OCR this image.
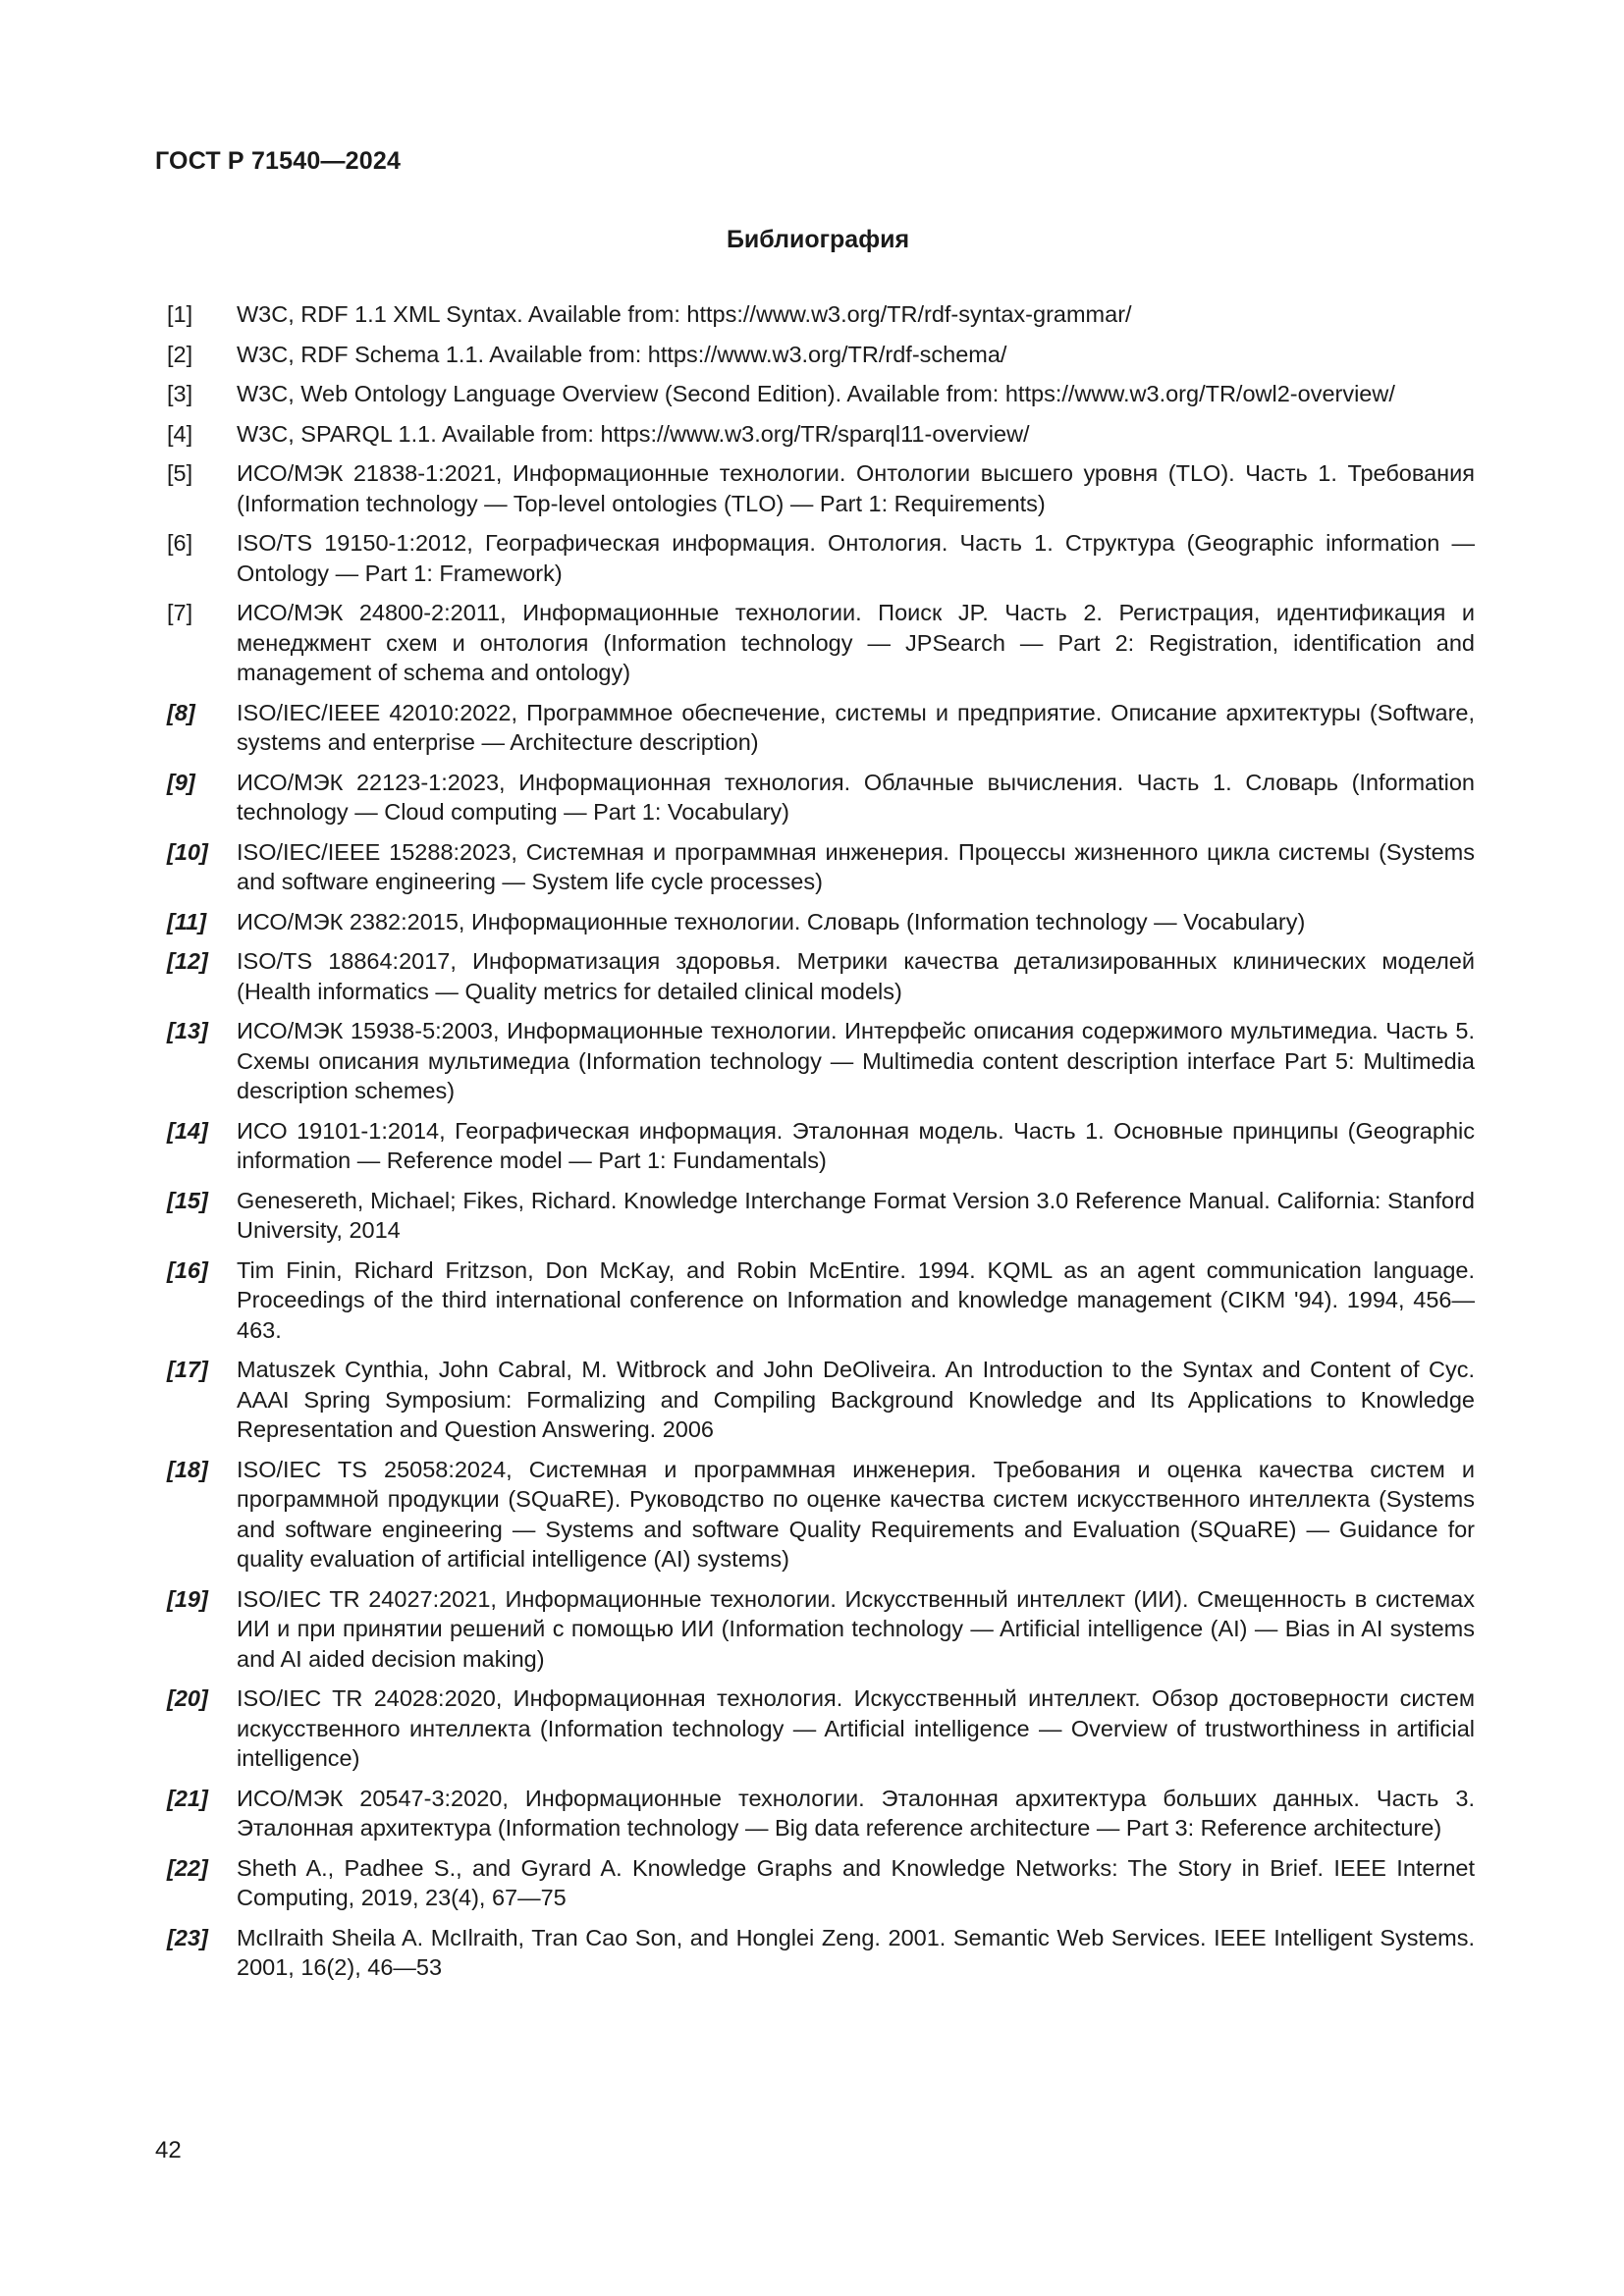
ГОСТ Р 71540—2024
Библиография
[1]	W3C, RDF 1.1 XML Syntax. Available from: https://www.w3.org/TR/rdf-syntax-grammar/
[2]	W3C, RDF Schema 1.1. Available from: https://www.w3.org/TR/rdf-schema/
[3]	W3C, Web Ontology Language Overview (Second Edition). Available from: https://www.w3.org/TR/owl2-overview/
[4]	W3C, SPARQL 1.1. Available from: https://www.w3.org/TR/sparql11-overview/
[5]	ИСО/МЭК 21838-1:2021, Информационные технологии. Онтологии высшего уровня (TLO). Часть 1. Требования (Information technology — Top-level ontologies (TLO) — Part 1: Requirements)
[6]	ISO/TS 19150-1:2012, Географическая информация. Онтология. Часть 1. Структура (Geographic information — Ontology — Part 1: Framework)
[7]	ИСО/МЭК 24800-2:2011, Информационные технологии. Поиск JP. Часть 2. Регистрация, идентификация и менеджмент схем и онтология (Information technology — JPSearch — Part 2: Registration, identification and management of schema and ontology)
[8]	ISO/IEC/IEEE 42010:2022, Программное обеспечение, системы и предприятие. Описание архитектуры (Software, systems and enterprise — Architecture description)
[9]	ИСО/МЭК 22123-1:2023, Информационная технология. Облачные вычисления. Часть 1. Словарь (Information technology — Cloud computing — Part 1: Vocabulary)
[10]	ISO/IEC/IEEE 15288:2023, Системная и программная инженерия. Процессы жизненного цикла системы (Systems and software engineering — System life cycle processes)
[11]	ИСО/МЭК 2382:2015, Информационные технологии. Словарь (Information technology — Vocabulary)
[12]	ISO/TS 18864:2017, Информатизация здоровья. Метрики качества детализированных клинических моделей (Health informatics — Quality metrics for detailed clinical models)
[13]	ИСО/МЭК 15938-5:2003, Информационные технологии. Интерфейс описания содержимого мультимедиа. Часть 5. Схемы описания мультимедиа (Information technology — Multimedia content description interface Part 5: Multimedia description schemes)
[14]	ИСО 19101-1:2014, Географическая информация. Эталонная модель. Часть 1. Основные принципы (Geographic information — Reference model — Part 1: Fundamentals)
[15]	Genesereth, Michael; Fikes, Richard. Knowledge Interchange Format Version 3.0 Reference Manual. California: Stanford University, 2014
[16]	Tim Finin, Richard Fritzson, Don McKay, and Robin McEntire. 1994. KQML as an agent communication language. Proceedings of the third international conference on Information and knowledge management (CIKM '94). 1994, 456—463.
[17]	Matuszek Cynthia, John Cabral, M. Witbrock and John DeOliveira. An Introduction to the Syntax and Content of Cyc. AAAI Spring Symposium: Formalizing and Compiling Background Knowledge and Its Applications to Knowledge Representation and Question Answering. 2006
[18]	ISO/IEC TS 25058:2024, Системная и программная инженерия. Требования и оценка качества систем и программной продукции (SQuaRE). Руководство по оценке качества систем искусственного интеллекта (Systems and software engineering — Systems and software Quality Requirements and Evaluation (SQuaRE) — Guidance for quality evaluation of artificial intelligence (AI) systems)
[19]	ISO/IEC TR 24027:2021, Информационные технологии. Искусственный интеллект (ИИ). Смещенность в системах ИИ и при принятии решений с помощью ИИ (Information technology — Artificial intelligence (AI) — Bias in AI systems and AI aided decision making)
[20]	ISO/IEC TR 24028:2020, Информационная технология. Искусственный интеллект. Обзор достоверности систем искусственного интеллекта (Information technology — Artificial intelligence — Overview of trustworthiness in artificial intelligence)
[21]	ИСО/МЭК 20547-3:2020, Информационные технологии. Эталонная архитектура больших данных. Часть 3. Эталонная архитектура (Information technology — Big data reference architecture — Part 3: Reference architecture)
[22]	Sheth A., Padhee S., and Gyrard A. Knowledge Graphs and Knowledge Networks: The Story in Brief. IEEE Internet Computing, 2019, 23(4), 67—75
[23]	McIlraith Sheila A. McIlraith, Tran Cao Son, and Honglei Zeng. 2001. Semantic Web Services. IEEE Intelligent Systems. 2001, 16(2), 46—53
42
